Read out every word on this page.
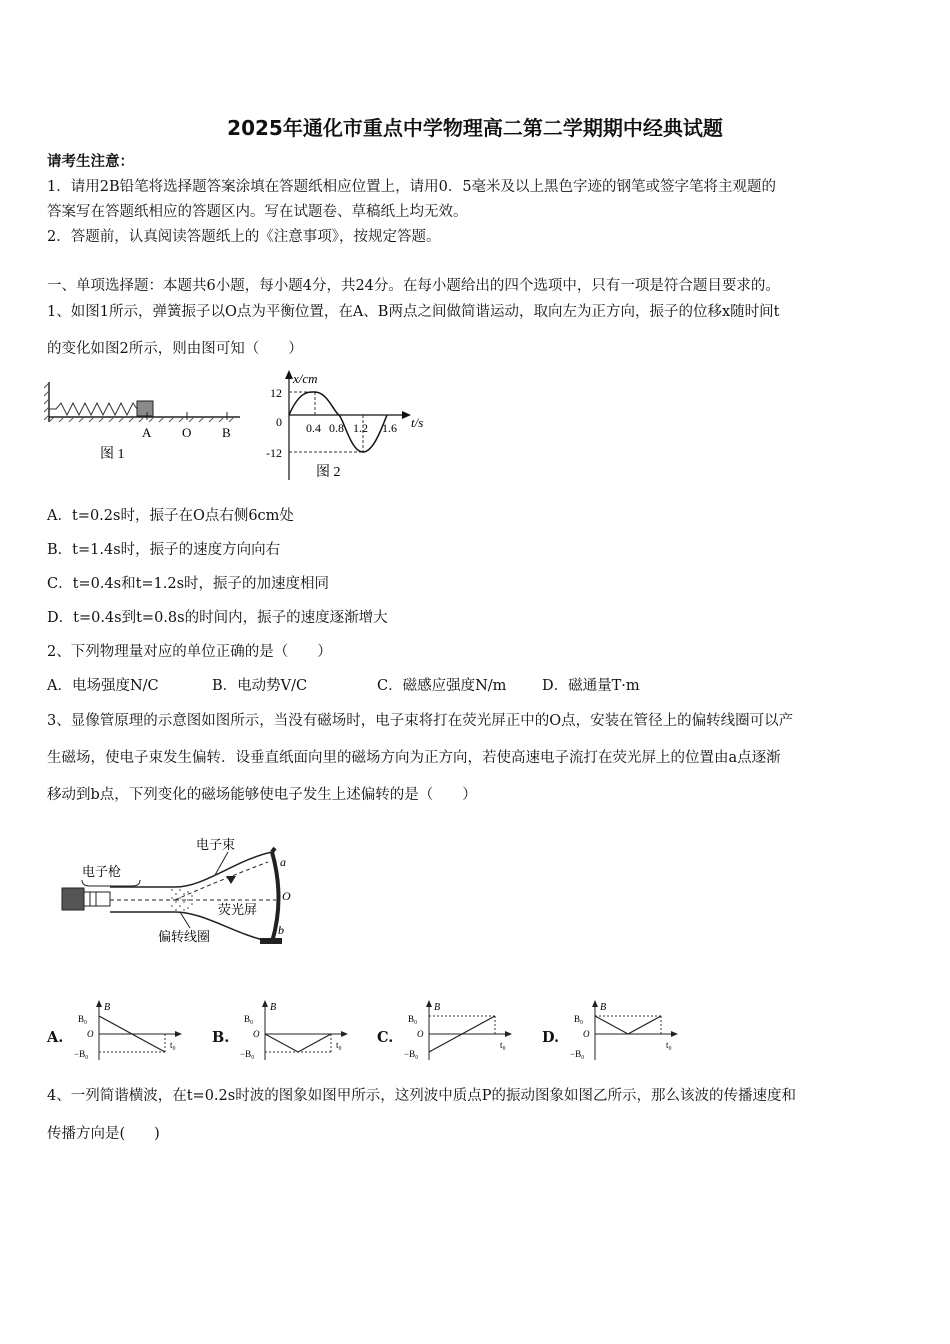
2025年通化市重点中学物理高二第二学期期中经典试题
请考生注意：
1．请用2B铅笔将选择题答案涂填在答题纸相应位置上，请用0．5毫米及以上黑色字迹的钢笔或签字笔将主观题的
答案写在答题纸相应的答题区内。写在试题卷、草稿纸上均无效。
2．答题前，认真阅读答题纸上的《注意事项》，按规定答题。
一、单项选择题：本题共6小题，每小题4分，共24分。在每小题给出的四个选项中，只有一项是符合题目要求的。
1、如图1所示，弹簧振子以O点为平衡位置，在A、B两点之间做简谐运动，取向左为正方向，振子的位移x随时间t
的变化如图2所示，则由图可知（　　）
A O B
图 1
x/cm
t/s
12
0
-12
0.4 0.8 1.2 1.6
图 2
A．t=0.2s时，振子在O点右侧6cm处
B．t=1.4s时，振子的速度方向向右
C．t=0.4s和t=1.2s时，振子的加速度相同
D．t=0.4s到t=0.8s的时间内，振子的速度逐渐增大
2、下列物理量对应的单位正确的是（　　）
A．电场强度N/C	B．电动势V/C	C．磁感应强度N/m D．磁通量T·m
3、显像管原理的示意图如图所示，当没有磁场时，电子束将打在荧光屏正中的O点，安装在管径上的偏转线圈可以产
生磁场，使电子束发生偏转．设垂直纸面向里的磁场方向为正方向，若使高速电子流打在荧光屏上的位置由a点逐渐
移动到b点，下列变化的磁场能够使电子发生上述偏转的是（　　）
电子束
电子枪
a
O
b
荧光屏
偏转线圈
A.
B
B₀
O
−B₀
t₀	B.
B
B₀
O
−B₀
t₀ C.
B
B₀
O
−B₀
t₀	D.
B
B₀
O
−B₀
t₀
4、一列简谐横波，在t=0.2s时波的图象如图甲所示，这列波中质点P的振动图象如图乙所示，那么该波的传播速度和
传播方向是(　　)
